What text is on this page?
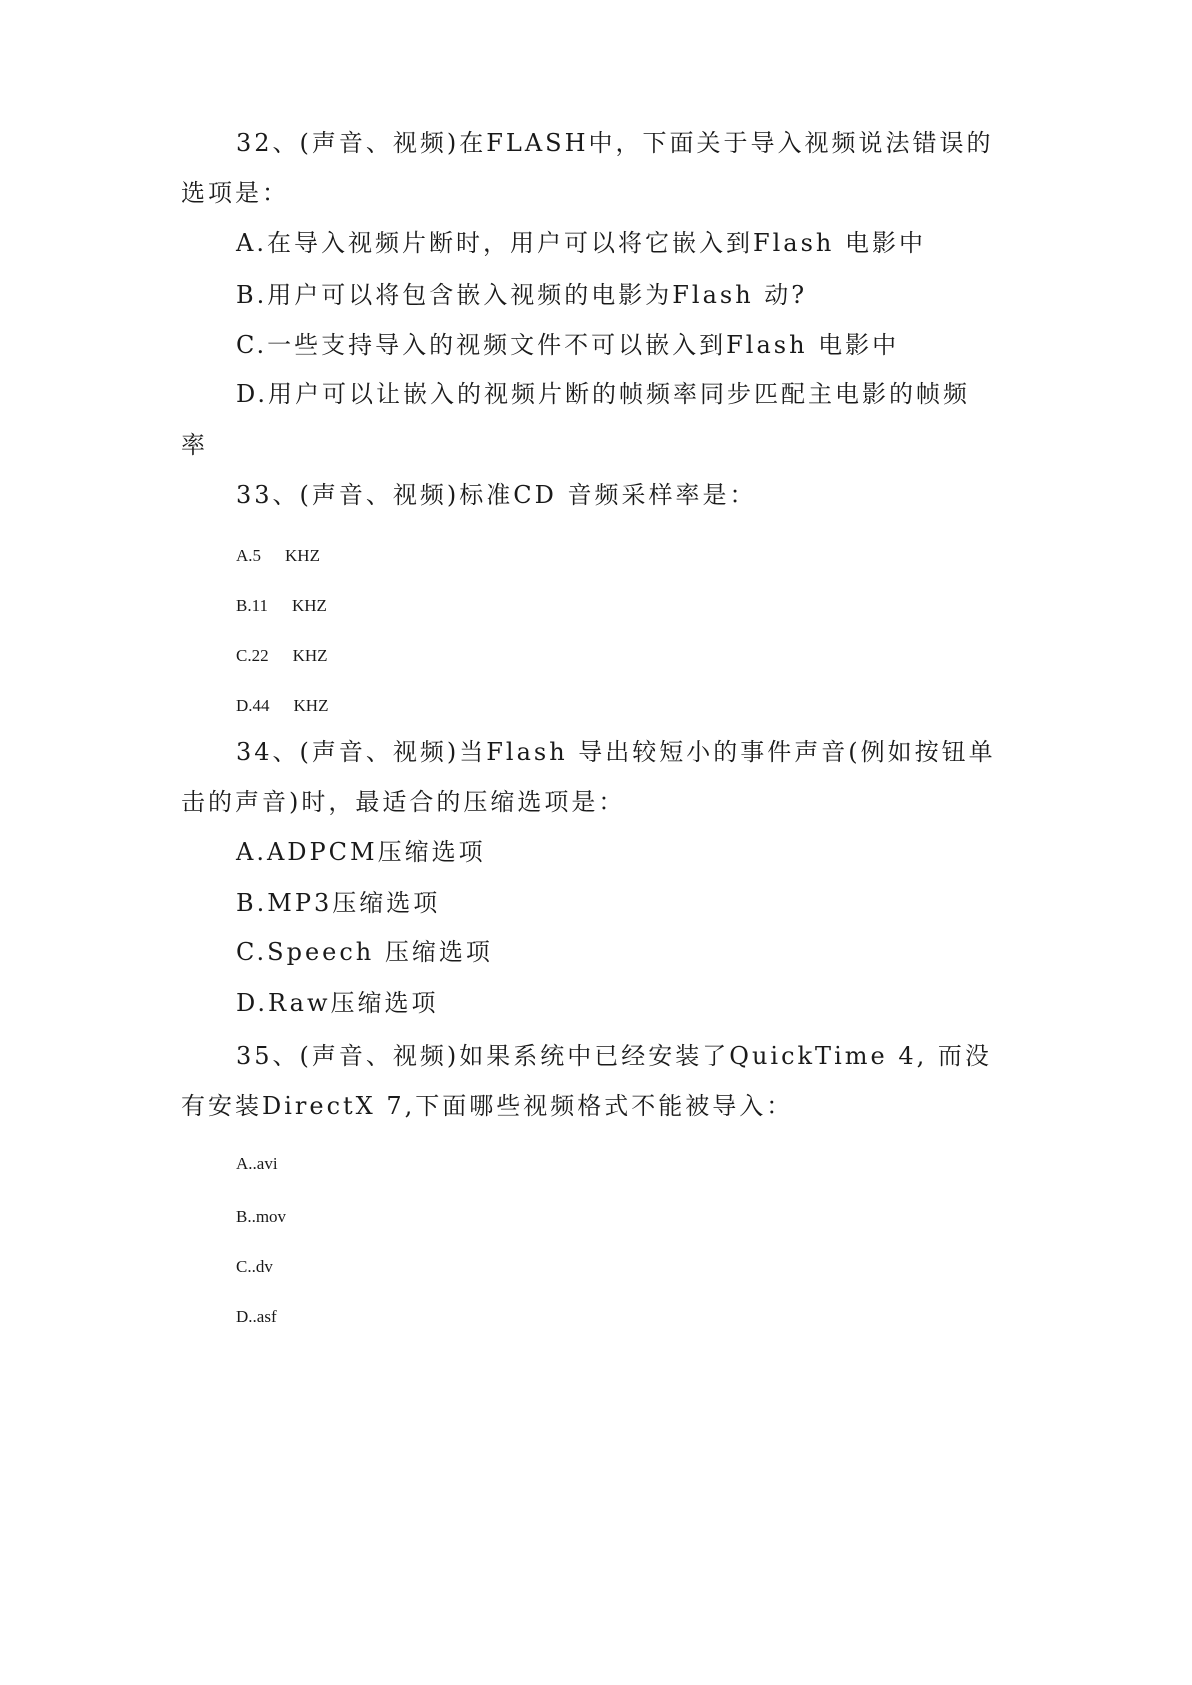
32、(声音、视频)在FLASH中，下面关于导入视频说法错误的
选项是：
A.在导入视频片断时，用户可以将它嵌入到Flash 电影中
B.用户可以将包含嵌入视频的电影为Flash 动?
C.一些支持导入的视频文件不可以嵌入到Flash 电影中
D.用户可以让嵌入的视频片断的帧频率同步匹配主电影的帧频
率
33、(声音、视频)标准CD 音频采样率是：
A.5 KHZ
B.11 KHZ
C.22 KHZ
D.44 KHZ
34、(声音、视频)当Flash 导出较短小的事件声音(例如按钮单
击的声音)时，最适合的压缩选项是：
A.ADPCM压缩选项
B.MP3压缩选项
C.Speech 压缩选项
D.Raw压缩选项
35、(声音、视频)如果系统中已经安装了QuickTime 4, 而没
有安装DirectX 7,下面哪些视频格式不能被导入：
A..avi
B..mov
C..dv
D..asf
